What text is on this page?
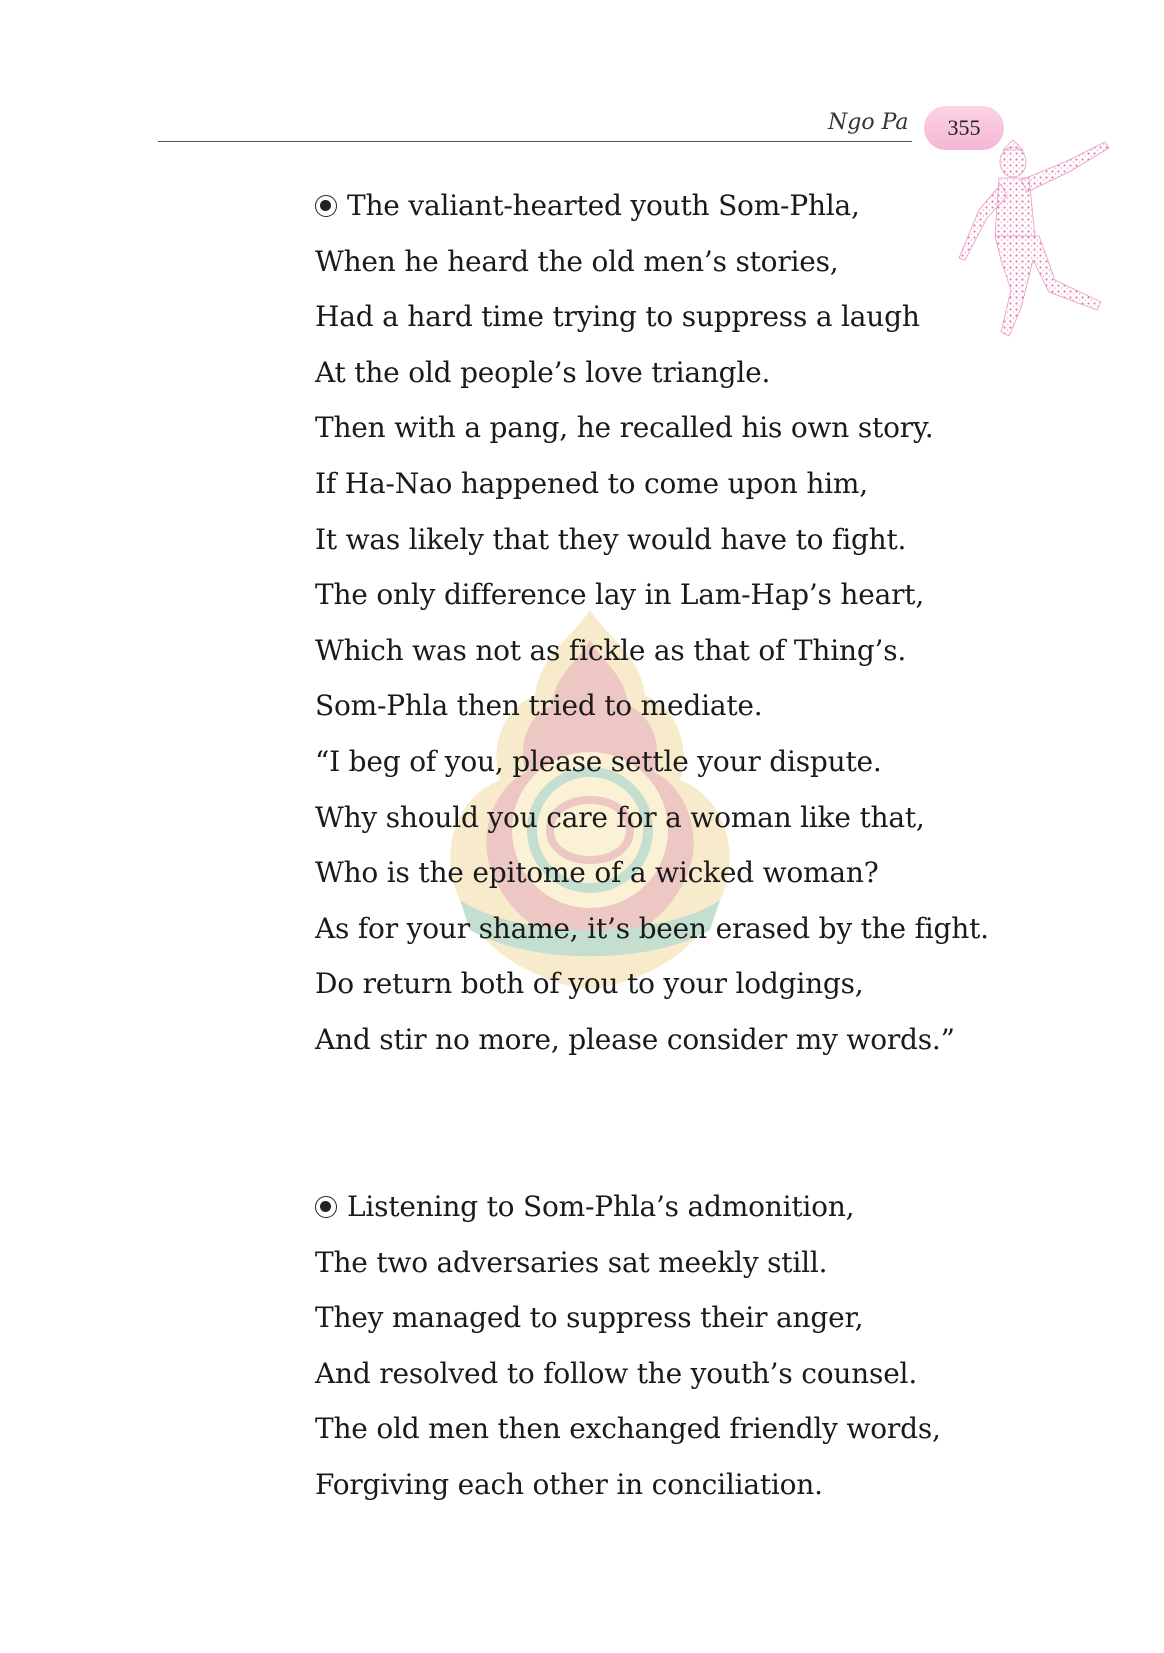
Ngo Pa 355
The valiant-hearted youth Som-Phla,
When he heard the old men’s stories,
Had a hard time trying to suppress a laugh
At the old people’s love triangle.
Then with a pang, he recalled his own story.
If Ha-Nao happened to come upon him,
It was likely that they would have to fight.
The only difference lay in Lam-Hap’s heart,
Which was not as fickle as that of Thing’s.
Som-Phla then tried to mediate.
“I beg of you, please settle your dispute.
Why should you care for a woman like that,
Who is the epitome of a wicked woman?
As for your shame, it’s been erased by the fight.
Do return both of you to your lodgings,
And stir no more, please consider my words.”
Listening to Som-Phla’s admonition,
The two adversaries sat meekly still.
They managed to suppress their anger,
And resolved to follow the youth’s counsel.
The old men then exchanged friendly words,
Forgiving each other in conciliation.
